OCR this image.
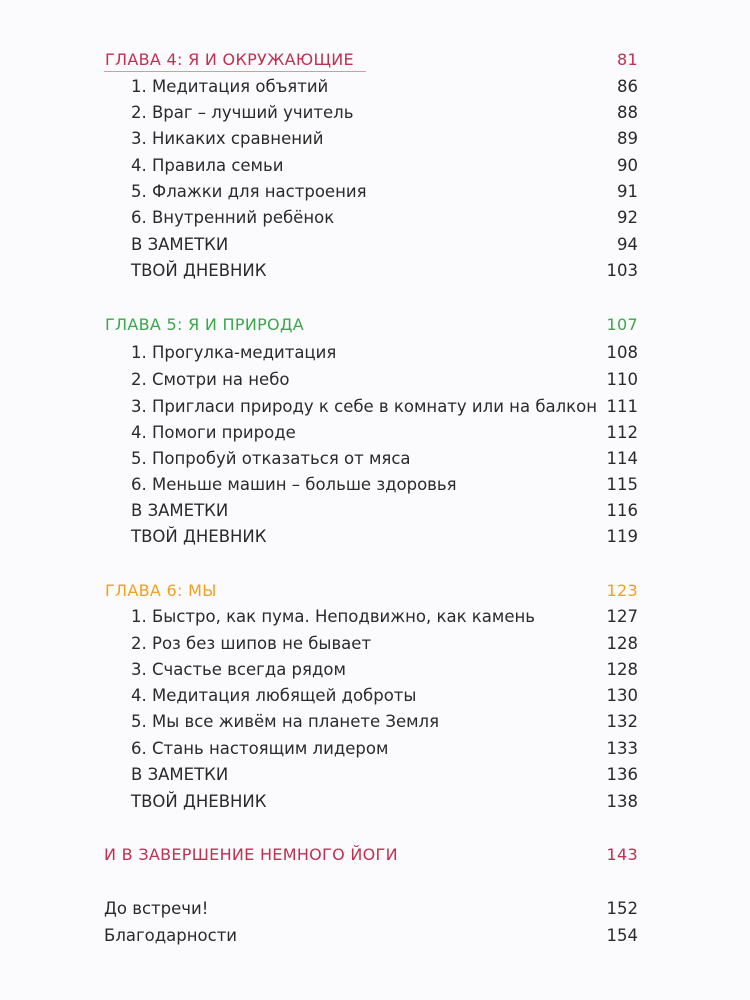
ГЛАВА 4: Я И ОКРУЖАЮЩИЕ	81
1. Медитация объятий	86
2. Враг – лучший учитель	88
3. Никаких сравнений	89
4. Правила семьи	90
5. Флажки для настроения	91
6. Внутренний ребёнок	92
В ЗАМЕТКИ	94
ТВОЙ ДНЕВНИК	103
ГЛАВА 5: Я И ПРИРОДА	107
1. Прогулка-медитация	108
2. Смотри на небо	110
3. Пригласи природу к себе в комнату или на балкон 111
4. Помоги природе	112
5. Попробуй отказаться от мяса	114
6. Меньше машин – больше здоровья	115
В ЗАМЕТКИ	116
ТВОЙ ДНЕВНИК	119
ГЛАВА 6: МЫ	123
1. Быстро, как пума. Неподвижно, как камень	127
2. Роз без шипов не бывает	128
3. Счастье всегда рядом	128
4. Медитация любящей доброты	130
5. Мы все живём на планете Земля	132
6. Стань настоящим лидером	133
В ЗАМЕТКИ	136
ТВОЙ ДНЕВНИК	138
И В ЗАВЕРШЕНИЕ НЕМНОГО ЙОГИ	143
До встречи!	152
Благодарности	154
